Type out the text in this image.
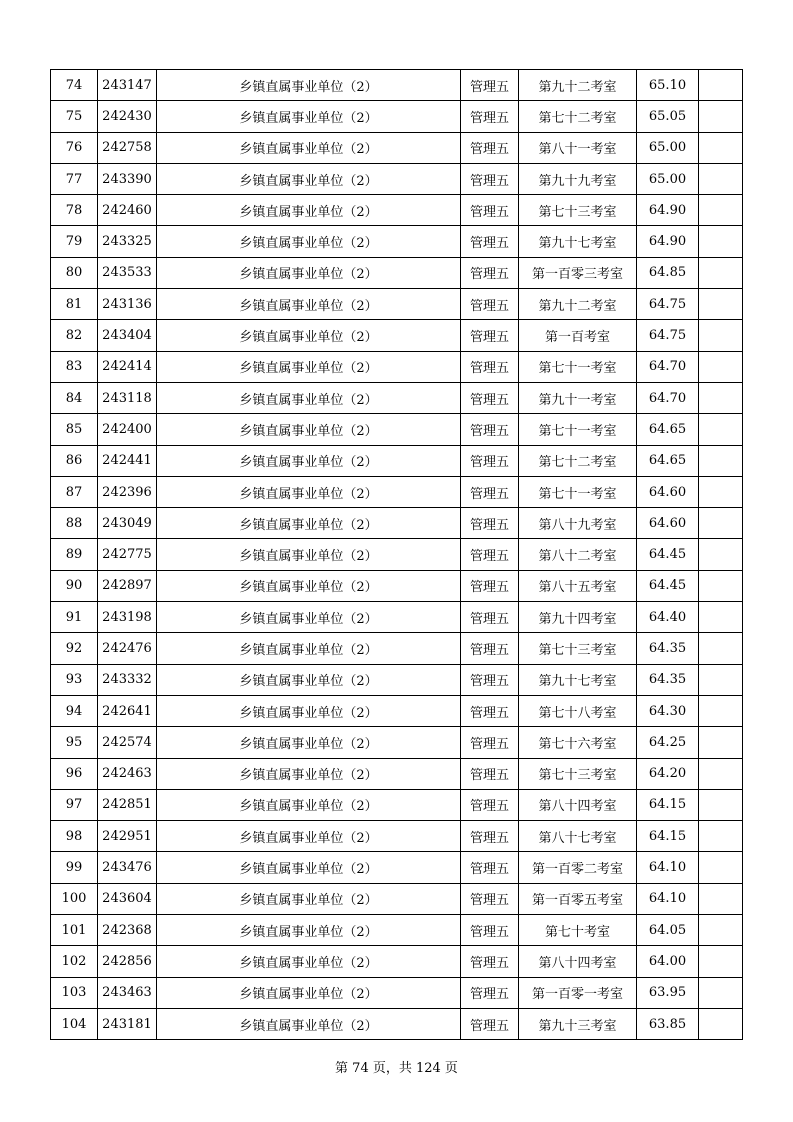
74	243147	乡镇直属事业单位（2）	管理五	第九十二考室	65.10	
75	242430	乡镇直属事业单位（2）	管理五	第七十二考室	65.05	
76	242758	乡镇直属事业单位（2）	管理五	第八十一考室	65.00	
77	243390	乡镇直属事业单位（2）	管理五	第九十九考室	65.00	
78	242460	乡镇直属事业单位（2）	管理五	第七十三考室	64.90	
79	243325	乡镇直属事业单位（2）	管理五	第九十七考室	64.90	
80	243533	乡镇直属事业单位（2）	管理五	第一百零三考室	64.85	
81	243136	乡镇直属事业单位（2）	管理五	第九十二考室	64.75	
82	243404	乡镇直属事业单位（2）	管理五	第一百考室	64.75	
83	242414	乡镇直属事业单位（2）	管理五	第七十一考室	64.70	
84	243118	乡镇直属事业单位（2）	管理五	第九十一考室	64.70	
85	242400	乡镇直属事业单位（2）	管理五	第七十一考室	64.65	
86	242441	乡镇直属事业单位（2）	管理五	第七十二考室	64.65	
87	242396	乡镇直属事业单位（2）	管理五	第七十一考室	64.60	
88	243049	乡镇直属事业单位（2）	管理五	第八十九考室	64.60	
89	242775	乡镇直属事业单位（2）	管理五	第八十二考室	64.45	
90	242897	乡镇直属事业单位（2）	管理五	第八十五考室	64.45	
91	243198	乡镇直属事业单位（2）	管理五	第九十四考室	64.40	
92	242476	乡镇直属事业单位（2）	管理五	第七十三考室	64.35	
93	243332	乡镇直属事业单位（2）	管理五	第九十七考室	64.35	
94	242641	乡镇直属事业单位（2）	管理五	第七十八考室	64.30	
95	242574	乡镇直属事业单位（2）	管理五	第七十六考室	64.25	
96	242463	乡镇直属事业单位（2）	管理五	第七十三考室	64.20	
97	242851	乡镇直属事业单位（2）	管理五	第八十四考室	64.15	
98	242951	乡镇直属事业单位（2）	管理五	第八十七考室	64.15	
99	243476	乡镇直属事业单位（2）	管理五	第一百零二考室	64.10	
100	243604	乡镇直属事业单位（2）	管理五	第一百零五考室	64.10	
101	242368	乡镇直属事业单位（2）	管理五	第七十考室	64.05	
102	242856	乡镇直属事业单位（2）	管理五	第八十四考室	64.00	
103	243463	乡镇直属事业单位（2）	管理五	第一百零一考室	63.95	
104	243181	乡镇直属事业单位（2）	管理五	第九十三考室	63.85	
第 74 页，共 124 页
